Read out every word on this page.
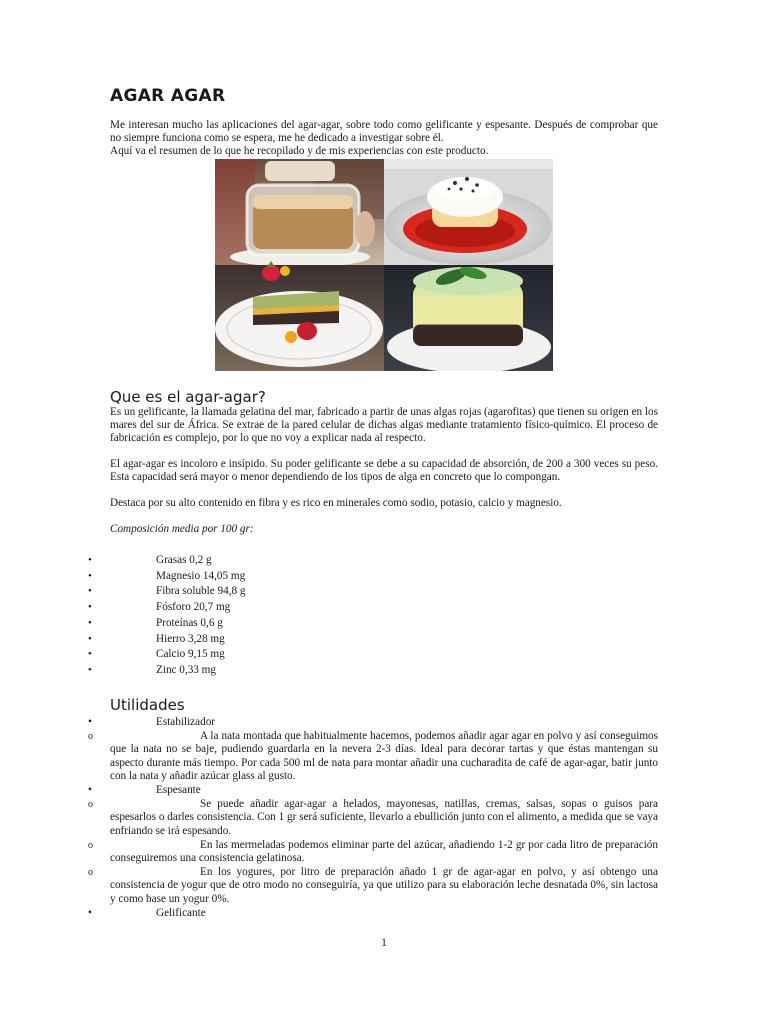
AGAR AGAR

Me interesan mucho las aplicaciones del agar-agar, sobre todo como gelificante y espesante. Después de comprobar que no siempre funciona como se espera, me he dedicado a investigar sobre él.

Aquí va el resumen de lo que he recopilado y de mis experiencias con este producto.

Que es el agar-agar?

Es un gelificante, la llamada gelatina del mar, fabricado a partir de unas algas rojas (agarofitas) que tienen su origen en los mares del sur de África. Se extrae de la pared celular de dichas algas mediante tratamiento físico-químico. El proceso de fabricación es complejo, por lo que no voy a explicar nada al respecto.

El agar-agar es incoloro e insípido. Su poder gelificante se debe a su capacidad de absorción, de 200 a 300 veces su peso. Esta capacidad será mayor o menor dependiendo de los tipos de alga en concreto que lo compongan.

Destaca por su alto contenido en fibra y es rico en minerales como sodio, potasio, calcio y magnesio.

Composición media por 100 gr:

• Grasas 0,2 g
• Magnesio 14,05 mg
• Fibra soluble 94,8 g
• Fósforo 20,7 mg
• Proteínas 0,6 g
• Hierro 3,28 mg
• Calcio 9,15 mg
• Zinc 0,33 mg
Utilidades
•	Estabilizador
o	A la nata montada que habitualmente hacemos, podemos añadir agar agar en polvo y así conseguimos que la nata no se baje, pudiendo guardarla en la nevera 2-3 días. Ideal para decorar tartas y que éstas mantengan su aspecto durante más tiempo. Por cada 500 ml de nata para montar añadir una cucharadita de café de agar-agar, batir junto con la nata y añadir azúcar glass al gusto.
•	Espesante
o	Se puede añadir agar-agar a helados, mayonesas, natillas, cremas, salsas, sopas o guisos para espesarlos o darles consistencia. Con 1 gr será suficiente, llevarlo a ebullición junto con el alimento, a medida que se vaya enfriando se irá espesando.
o	En las mermeladas podemos eliminar parte del azúcar, añadiendo 1-2 gr por cada litro de preparación conseguiremos una consistencia gelatinosa.
o	En los yogures, por litro de preparación añado 1 gr de agar-agar en polvo, y así obtengo una consistencia de yogur que de otro modo no conseguiría, ya que utilizo para su elaboración leche desnatada 0%, sin lactosa y como base un yogur 0%.
•	Gelificante
1
